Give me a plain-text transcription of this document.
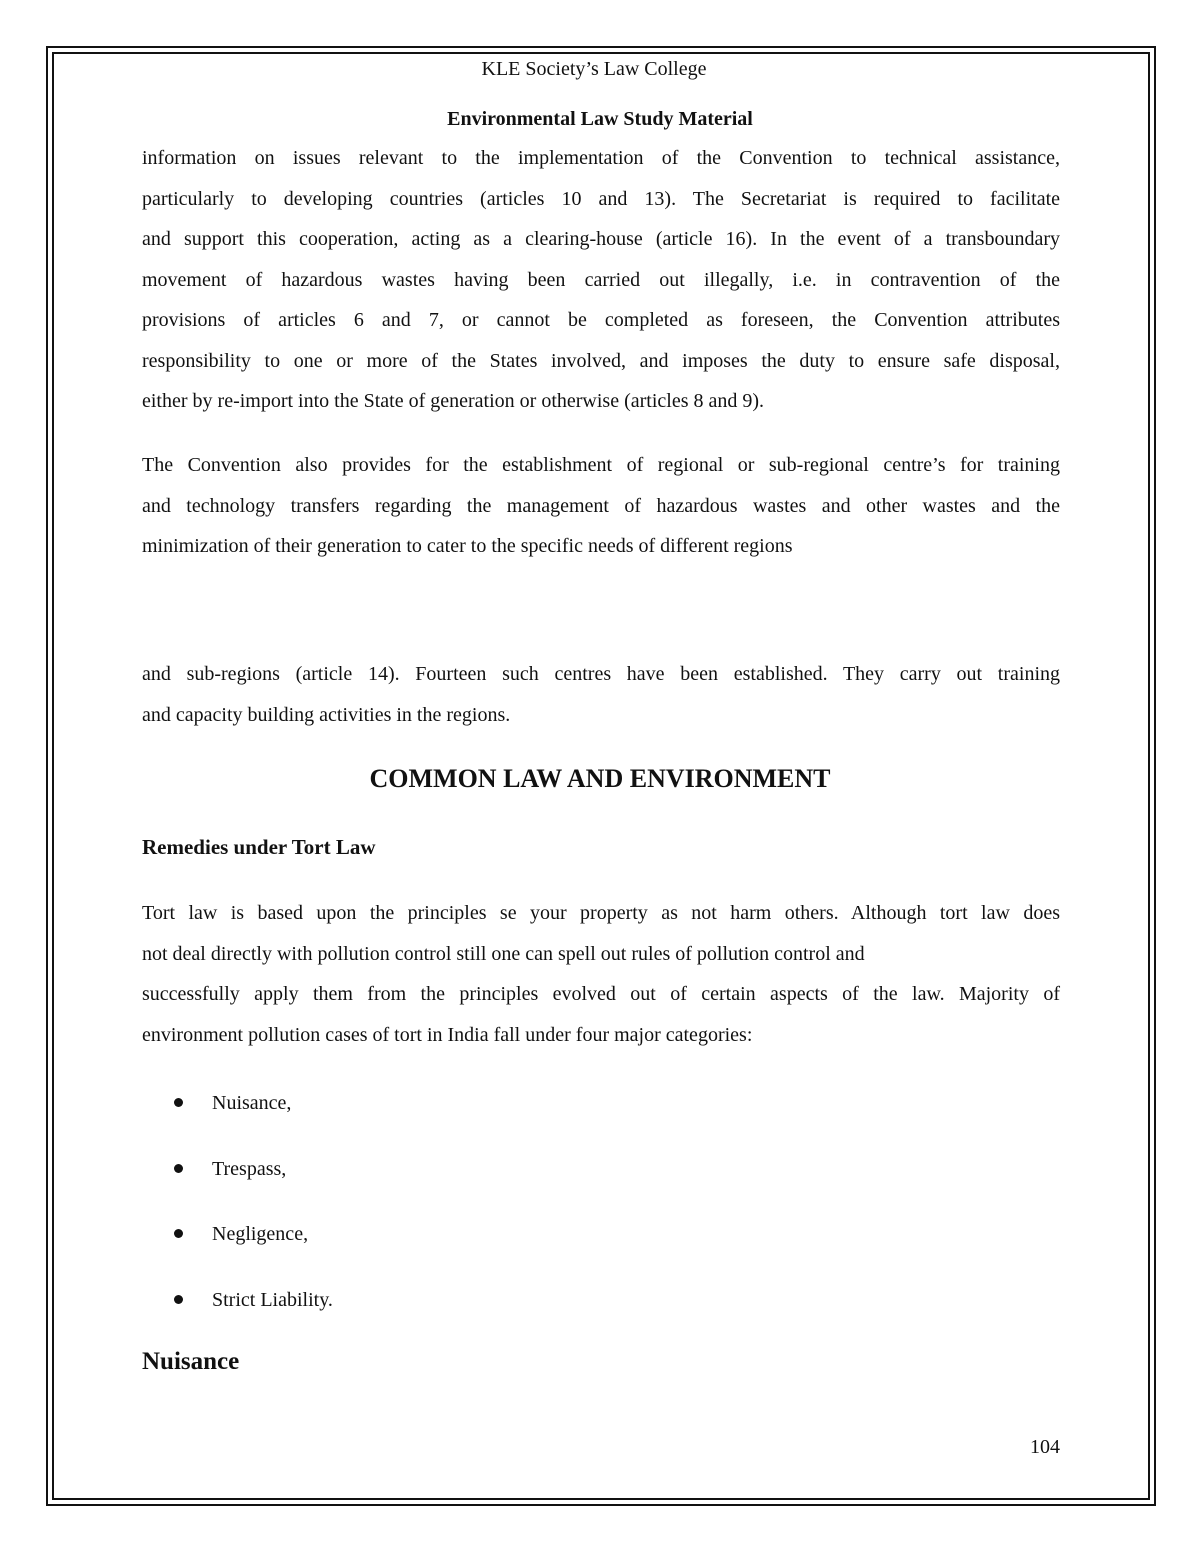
KLE Society’s Law College
Environmental Law Study Material
information on issues relevant to the implementation of the Convention to technical assistance,
particularly to developing countries (articles 10 and 13). The Secretariat is required to facilitate
and support this cooperation, acting as a clearing-house (article 16). In the event of a transboundary
movement of hazardous wastes having been carried out illegally, i.e. in contravention of the
provisions of articles 6 and 7, or cannot be completed as foreseen, the Convention attributes
responsibility to one or more of the States involved, and imposes the duty to ensure safe disposal,
either by re-import into the State of generation or otherwise (articles 8 and 9).
The Convention also provides for the establishment of regional or sub-regional centre’s for training
and technology transfers regarding the management of hazardous wastes and other wastes and the
minimization of their generation to cater to the specific needs of different regions
and sub-regions (article 14). Fourteen such centres have been established. They carry out training
and capacity building activities in the regions.
COMMON LAW AND ENVIRONMENT
Remedies under Tort Law
Tort law is based upon the principles se your property as not harm others. Although tort law does
not deal directly with pollution control still one can spell out rules of pollution control and
successfully apply them from the principles evolved out of certain aspects of the law. Majority of
environment pollution cases of tort in India fall under four major categories:
Nuisance,
Trespass,
Negligence,
Strict Liability.
Nuisance
104
